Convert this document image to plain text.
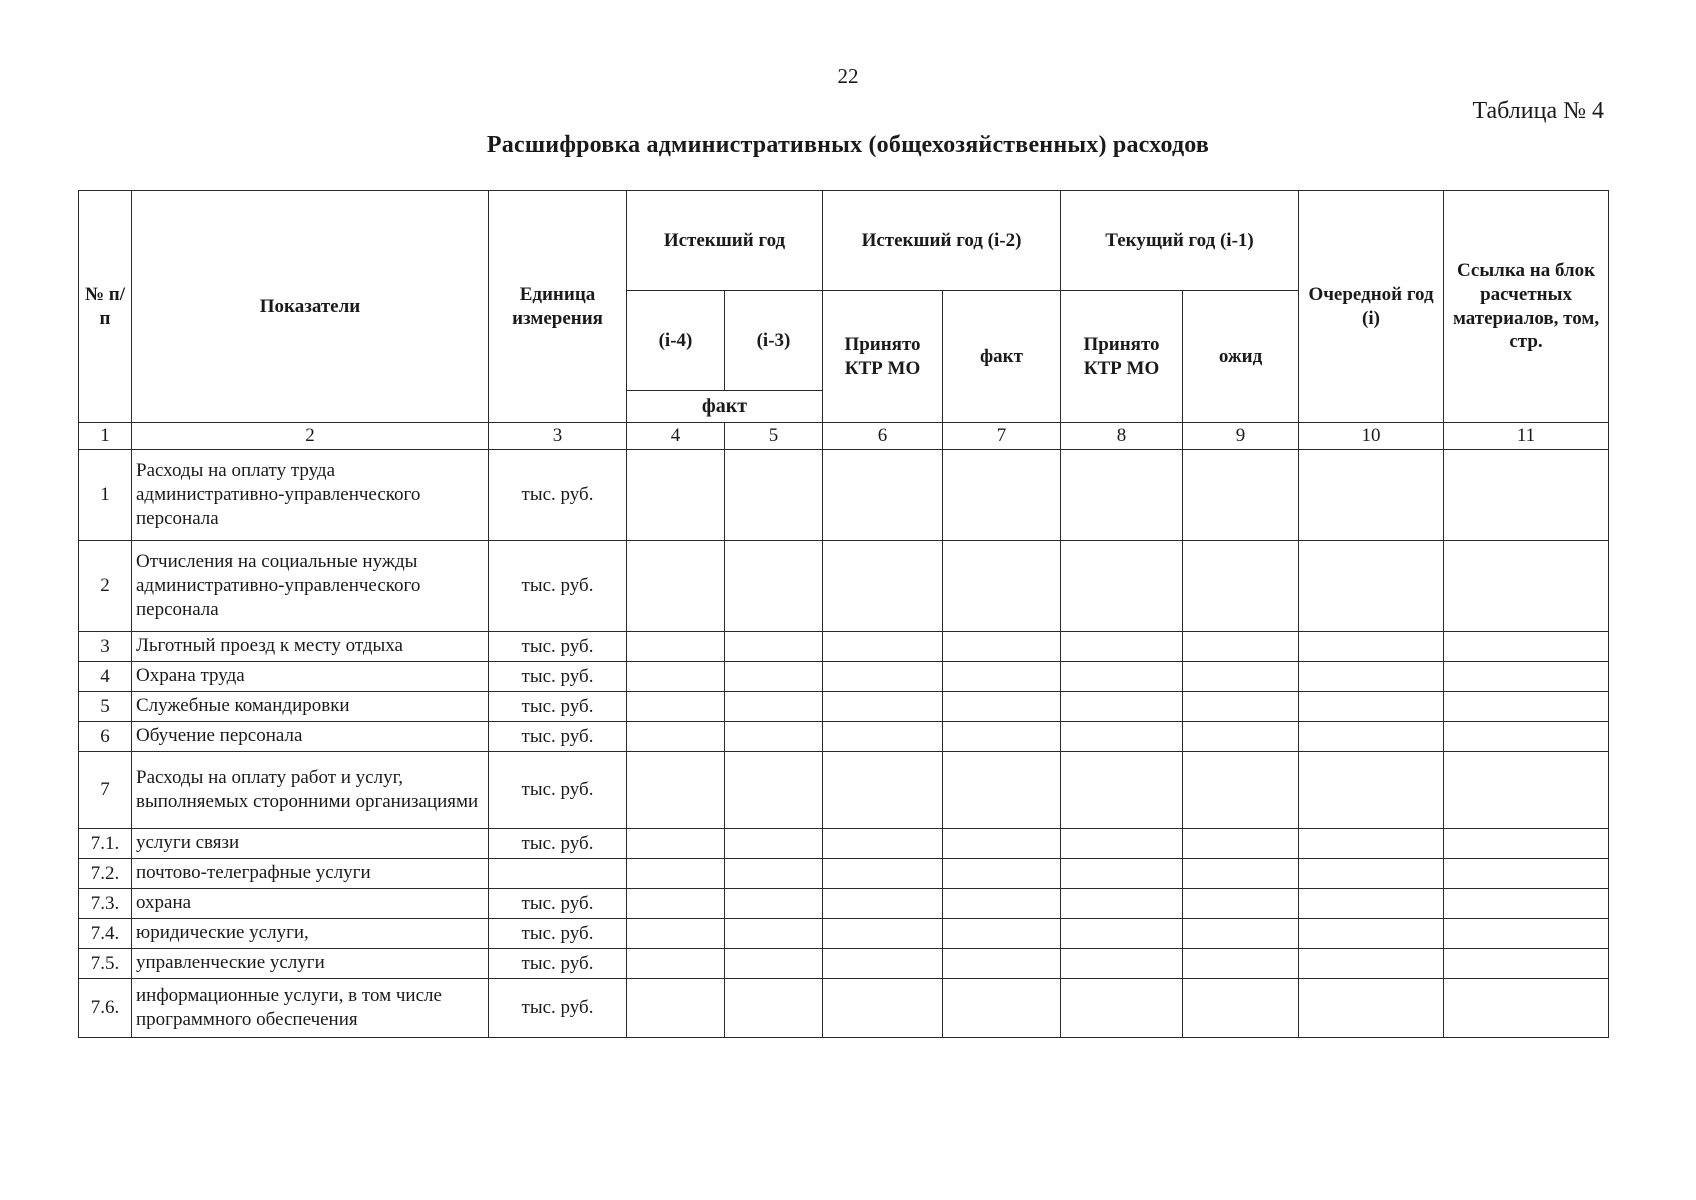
22
Таблица № 4
Расшифровка административных (общехозяйственных) расходов
№ п/п	Показатели	Единица измерения	Истекший год		Истекший год (i-2)		Текущий год (i-1)		Очередной год (i)	Ссылка на блок расчетных материалов, том, стр.
			(i-4)	(i-3)	Принято КТР МО	факт	Принято КТР МО	ожид		
			факт							
1	2	3	4	5	6	7	8	9	10	11
1	Расходы на оплату труда административно-управленческого персонала	тыс. руб.								
2	Отчисления на социальные нужды административно-управленческого персонала	тыс. руб.								
3	Льготный проезд к месту отдыха	тыс. руб.								
4	Охрана труда	тыс. руб.								
5	Служебные командировки	тыс. руб.								
6	Обучение персонала	тыс. руб.								
7	Расходы на оплату работ и услуг, выполняемых сторонними организациями	тыс. руб.								
7.1.	услуги связи	тыс. руб.								
7.2.	почтово-телеграфные услуги									
7.3.	охрана	тыс. руб.								
7.4.	юридические услуги,	тыс. руб.								
7.5.	управленческие услуги	тыс. руб.								
7.6.	информационные услуги, в том числе программного обеспечения	тыс. руб.								
